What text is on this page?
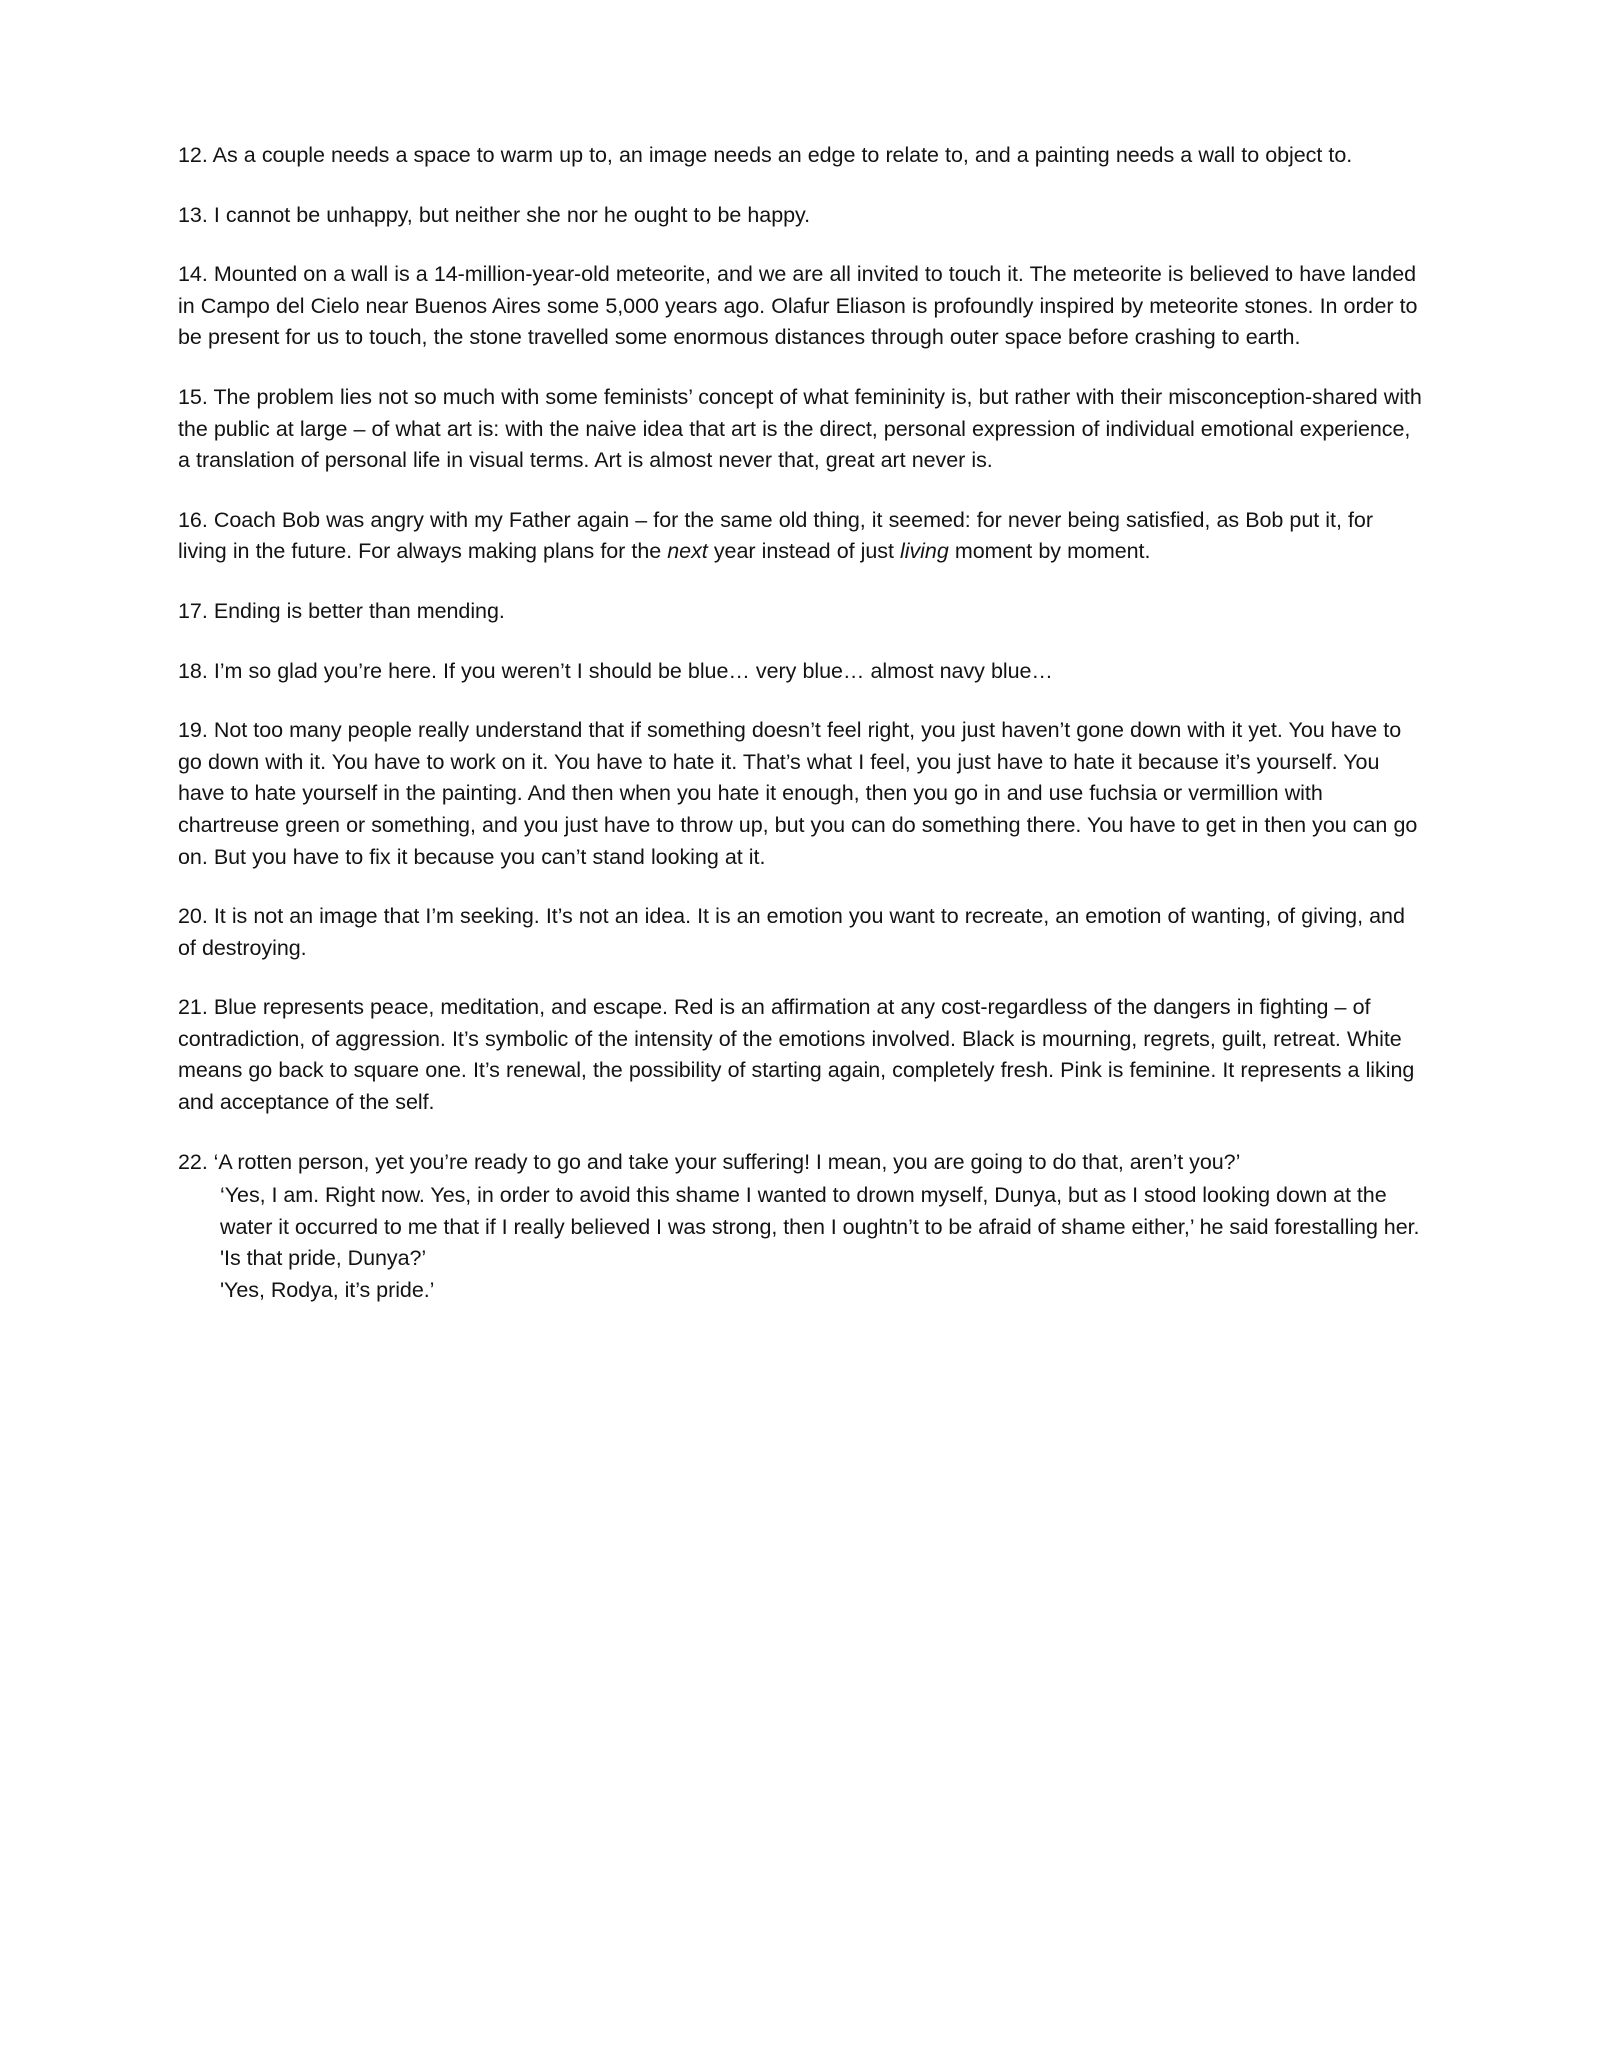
12. As a couple needs a space to warm up to, an image needs an edge to relate to, and a painting needs a wall to object to.

13. I cannot be unhappy, but neither she nor he ought to be happy.

14. Mounted on a wall is a 14-million-year-old meteorite, and we are all invited to touch it. The meteorite is believed to have landed in Campo del Cielo near Buenos Aires some 5,000 years ago. Olafur Eliason is profoundly inspired by meteorite stones. In order to be present for us to touch, the stone travelled some enormous distances through outer space before crashing to earth.

15. The problem lies not so much with some feminists’ concept of what femininity is, but rather with their misconception-shared with the public at large – of what art is: with the naive idea that art is the direct, personal expression of individual emotional experience, a translation of personal life in visual terms. Art is almost never that, great art never is.

16. Coach Bob was angry with my Father again – for the same old thing, it seemed: for never being satisfied, as Bob put it, for living in the future. For always making plans for the next year instead of just living moment by moment.

17. Ending is better than mending.

18. I’m so glad you’re here. If you weren’t I should be blue… very blue… almost navy blue…

19. Not too many people really understand that if something doesn’t feel right, you just haven’t gone down with it yet. You have to go down with it. You have to work on it. You have to hate it. That’s what I feel, you just have to hate it because it’s yourself. You have to hate yourself in the painting. And then when you hate it enough, then you go in and use fuchsia or vermillion with chartreuse green or something, and you just have to throw up, but you can do something there. You have to get in then you can go on. But you have to fix it because you can’t stand looking at it.

20. It is not an image that I’m seeking. It’s not an idea. It is an emotion you want to recreate, an emotion of wanting, of giving, and of destroying.

21. Blue represents peace, meditation, and escape. Red is an affirmation at any cost-regardless of the dangers in fighting – of contradiction, of aggression. It’s symbolic of the intensity of the emotions involved. Black is mourning, regrets, guilt, retreat. White means go back to square one. It’s renewal, the possibility of starting again, completely fresh. Pink is feminine. It represents a liking and acceptance of the self.

22. ‘A rotten person, yet you’re ready to go and take your suffering! I mean, you are going to do that, aren’t you?’

‘Yes, I am. Right now. Yes, in order to avoid this shame I wanted to drown myself, Dunya, but as I stood looking down at the water it occurred to me that if I really believed I was strong, then I oughtn’t to be afraid of shame either,’ he said forestalling her.

'Is that pride, Dunya?’

'Yes, Rodya, it’s pride.’
